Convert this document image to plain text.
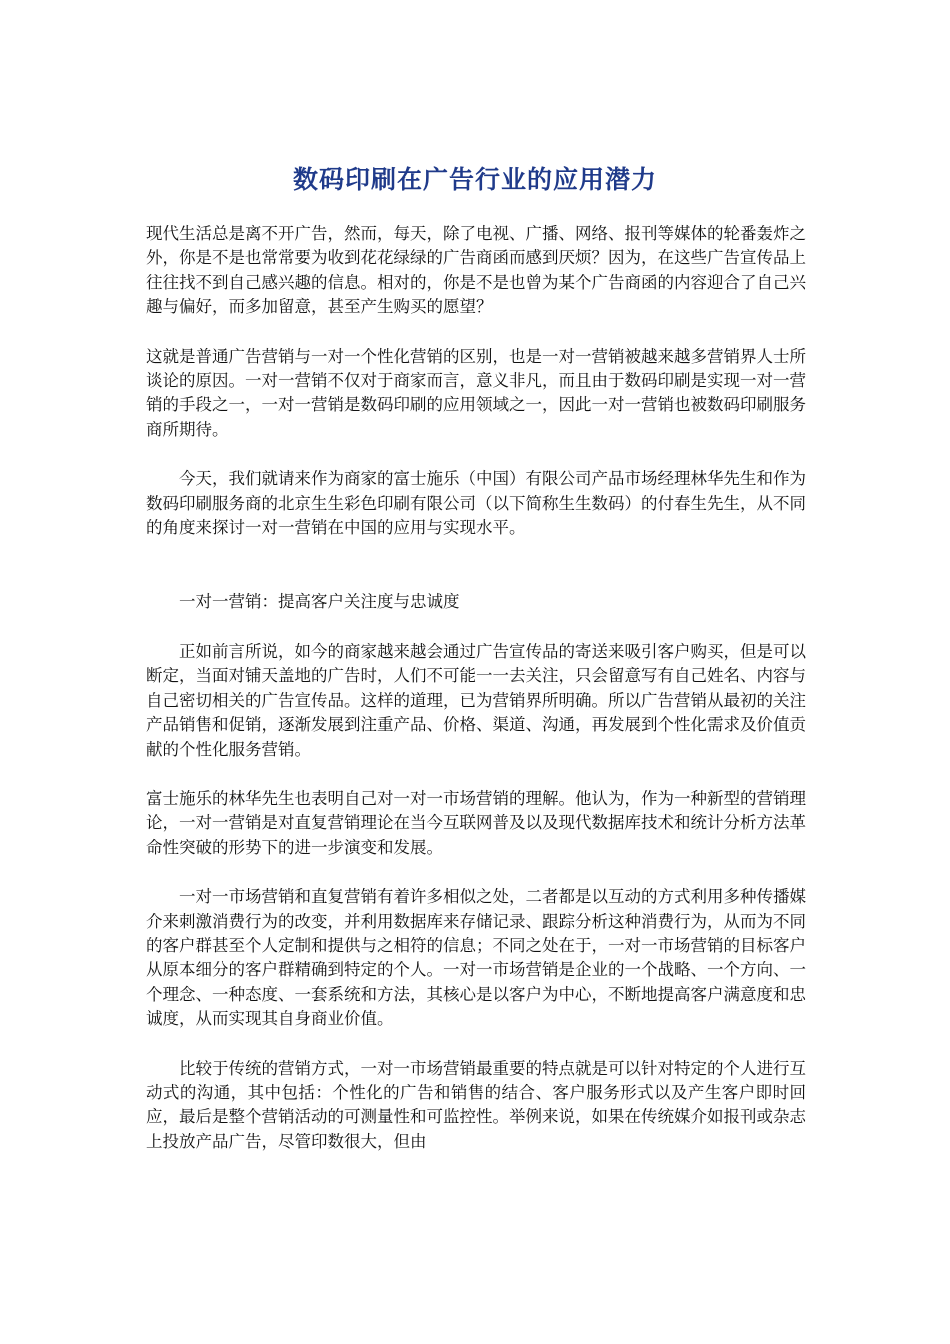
数码印刷在广告行业的应用潜力

现代生活总是离不开广告，然而，每天，除了电视、广播、网络、报刊等媒体的轮番轰炸之外，你是不是也常常要为收到花花绿绿的广告商函而感到厌烦？因为，在这些广告宣传品上往往找不到自己感兴趣的信息。相对的，你是不是也曾为某个广告商函的内容迎合了自己兴趣与偏好，而多加留意，甚至产生购买的愿望？

这就是普通广告营销与一对一个性化营销的区别，也是一对一营销被越来越多营销界人士所谈论的原因。一对一营销不仅对于商家而言，意义非凡，而且由于数码印刷是实现一对一营销的手段之一，一对一营销是数码印刷的应用领域之一，因此一对一营销也被数码印刷服务商所期待。

今天，我们就请来作为商家的富士施乐（中国）有限公司产品市场经理林华先生和作为数码印刷服务商的北京生生彩色印刷有限公司（以下简称生生数码）的付春生先生，从不同的角度来探讨一对一营销在中国的应用与实现水平。

一对一营销：提高客户关注度与忠诚度

正如前言所说，如今的商家越来越会通过广告宣传品的寄送来吸引客户购买，但是可以断定，当面对铺天盖地的广告时，人们不可能一一去关注，只会留意写有自己姓名、内容与自己密切相关的广告宣传品。这样的道理，已为营销界所明确。所以广告营销从最初的关注产品销售和促销，逐渐发展到注重产品、价格、渠道、沟通，再发展到个性化需求及价值贡献的个性化服务营销。

富士施乐的林华先生也表明自己对一对一市场营销的理解。他认为，作为一种新型的营销理论，一对一营销是对直复营销理论在当今互联网普及以及现代数据库技术和统计分析方法革命性突破的形势下的进一步演变和发展。

一对一市场营销和直复营销有着许多相似之处，二者都是以互动的方式利用多种传播媒介来刺激消费行为的改变，并利用数据库来存储记录、跟踪分析这种消费行为，从而为不同的客户群甚至个人定制和提供与之相符的信息；不同之处在于，一对一市场营销的目标客户从原本细分的客户群精确到特定的个人。一对一市场营销是企业的一个战略、一个方向、一个理念、一种态度、一套系统和方法，其核心是以客户为中心，不断地提高客户满意度和忠诚度，从而实现其自身商业价值。

比较于传统的营销方式，一对一市场营销最重要的特点就是可以针对特定的个人进行互动式的沟通，其中包括：个性化的广告和销售的结合、客户服务形式以及产生客户即时回应，最后是整个营销活动的可测量性和可监控性。举例来说，如果在传统媒介如报刊或杂志上投放产品广告，尽管印数很大，但由
